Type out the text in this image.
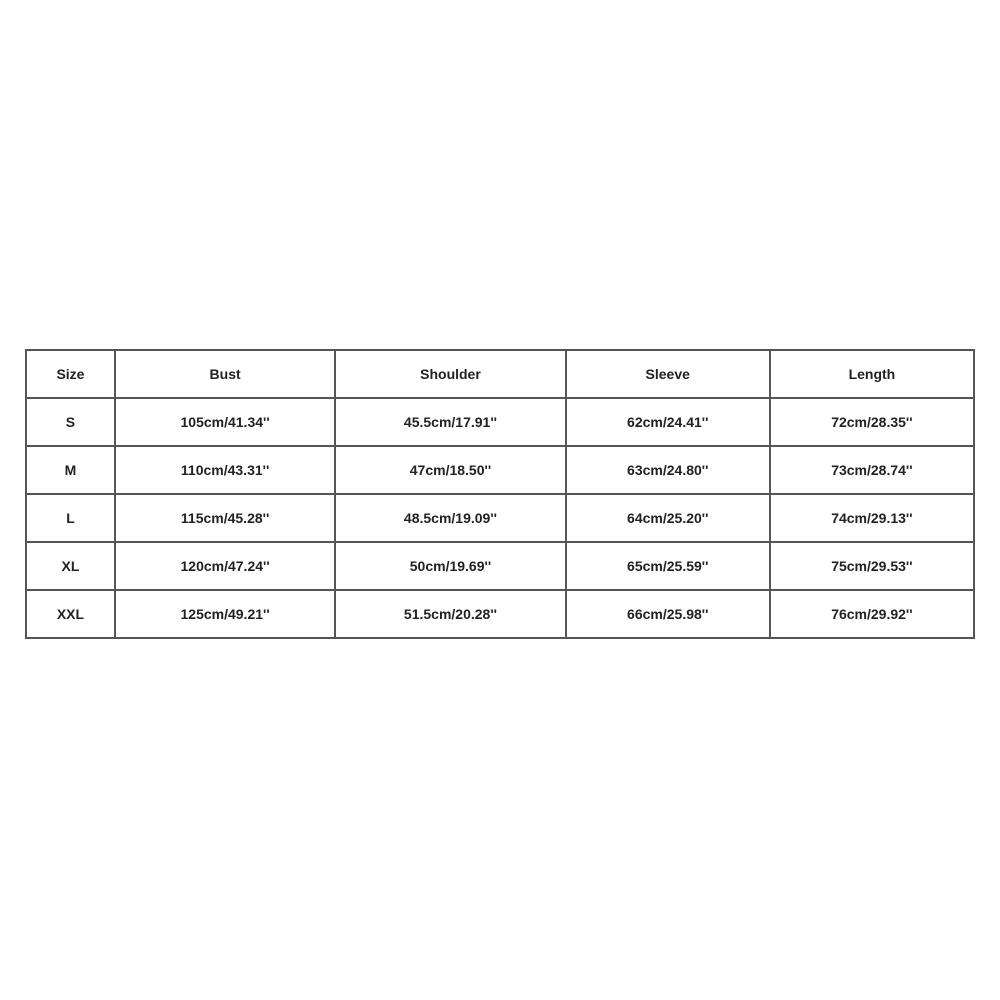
Size	Bust	Shoulder	Sleeve	Length
S	105cm/41.34''	45.5cm/17.91''	62cm/24.41''	72cm/28.35''
M	110cm/43.31''	47cm/18.50''	63cm/24.80''	73cm/28.74''
L	115cm/45.28''	48.5cm/19.09''	64cm/25.20''	74cm/29.13''
XL	120cm/47.24''	50cm/19.69''	65cm/25.59''	75cm/29.53''
XXL	125cm/49.21''	51.5cm/20.28''	66cm/25.98''	76cm/29.92''
